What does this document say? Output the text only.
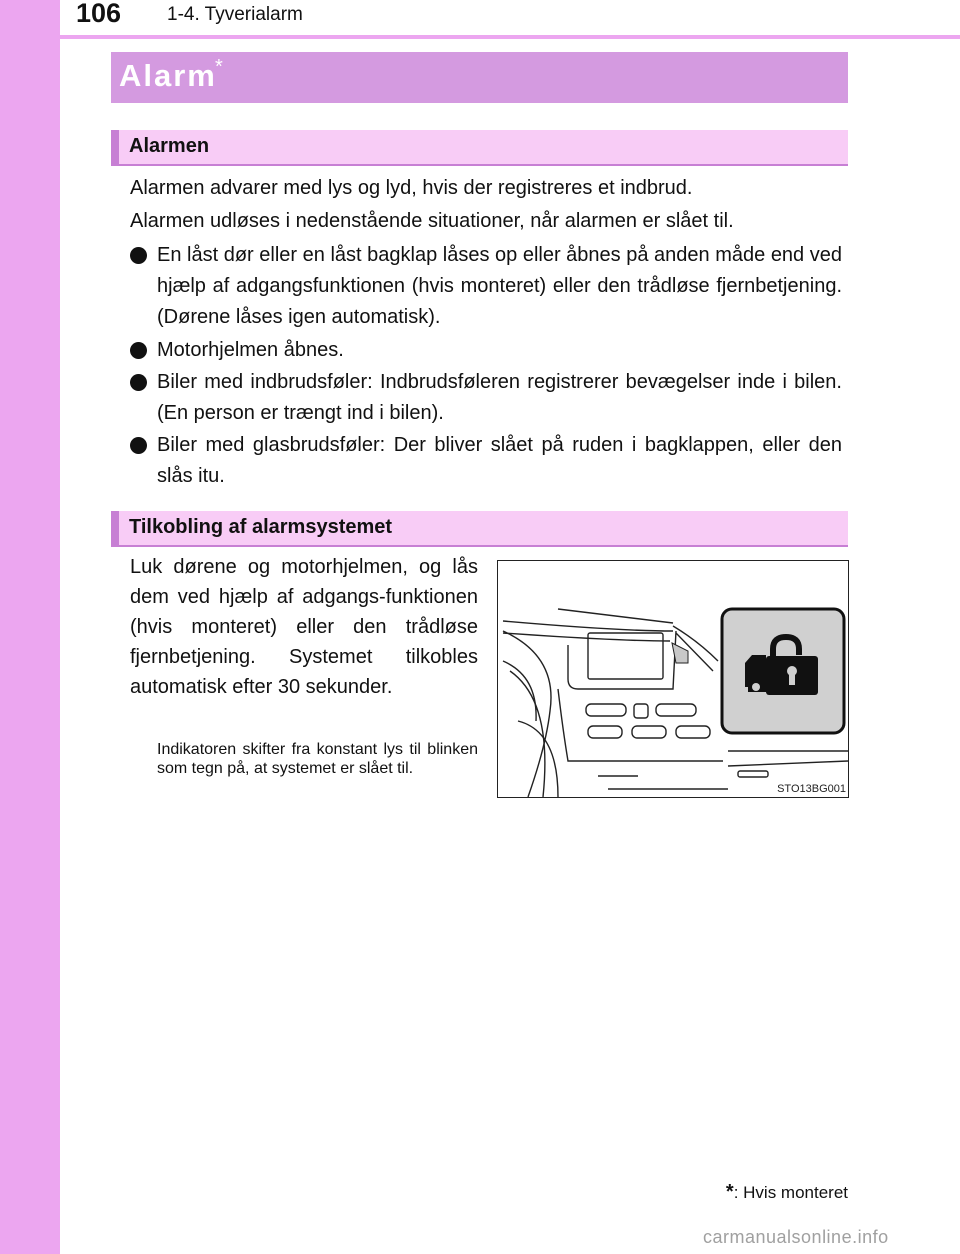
106 1-4. Tyverialarm
Alarm
*
Alarmen
Alarmen advarer med lys og lyd, hvis der registreres et indbrud.
Alarmen udløses i nedenstående situationer, når alarmen er slået til.
En låst dør eller en låst bagklap låses op eller åbnes på anden måde end ved hjælp af adgangsfunktionen (hvis monteret) eller den trådløse fjernbetjening. (Dørene låses igen automatisk).
Motorhjelmen åbnes.
Biler med indbrudsføler: Indbrudsføleren registrerer bevægelser inde i bilen. (En person er trængt ind i bilen).
Biler med glasbrudsføler: Der bliver slået på ruden i bagklappen, eller den slås itu.
Tilkobling af alarmsystemet
Luk dørene og motorhjelmen, og lås dem ved hjælp af adgangs-funktionen (hvis monteret) eller den trådløse fjernbetjening. Systemet tilkobles automatisk efter 30 sekunder.
Indikatoren skifter fra konstant lys til blinken som tegn på, at systemet er slået til.
STO13BG001
*: Hvis monteret
carmanualsonline.info
